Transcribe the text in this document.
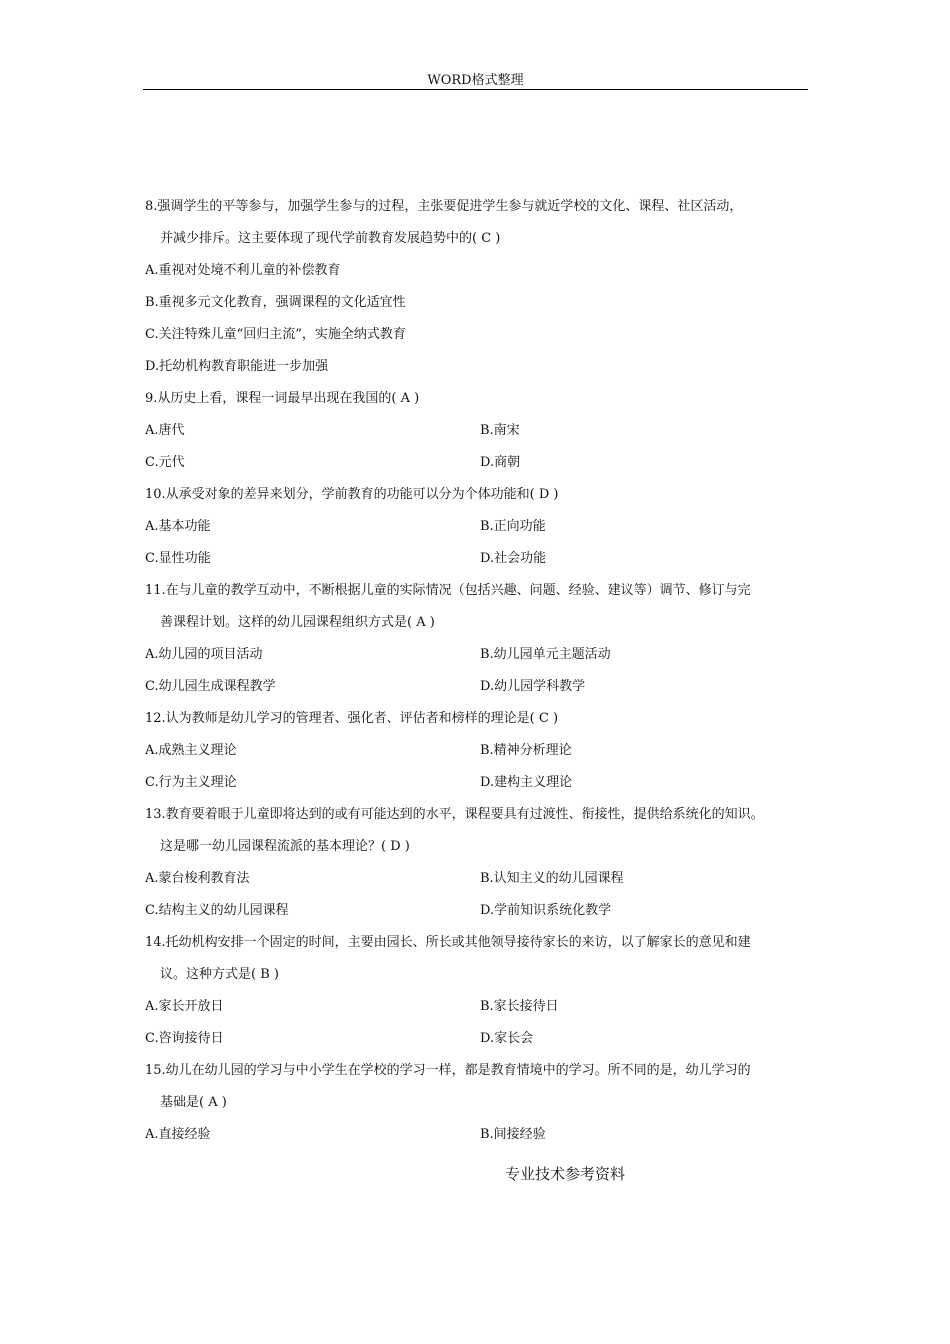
WORD格式整理
8.强调学生的平等参与，加强学生参与的过程，主张要促进学生参与就近学校的文化、课程、社区活动，
并减少排斥。这主要体现了现代学前教育发展趋势中的( C )
A.重视对处境不利儿童的补偿教育
B.重视多元文化教育，强调课程的文化适宜性
C.关注特殊儿童“回归主流”，实施全纳式教育
D.托幼机构教育职能进一步加强
9.从历史上看，课程一词最早出现在我国的( A )
A.唐代	B.南宋
C.元代	D.商朝
10.从承受对象的差异来划分，学前教育的功能可以分为个体功能和( D )
A.基本功能	B.正向功能
C.显性功能	D.社会功能
11.在与儿童的教学互动中，不断根据儿童的实际情况（包括兴趣、问题、经验、建议等）调节、修订与完
善课程计划。这样的幼儿园课程组织方式是( A )
A.幼儿园的项目活动	B.幼儿园单元主题活动
C.幼儿园生成课程教学	D.幼儿园学科教学
12.认为教师是幼儿学习的管理者、强化者、评估者和榜样的理论是( C )
A.成熟主义理论	B.精神分析理论
C.行为主义理论	D.建构主义理论
13.教育要着眼于儿童即将达到的或有可能达到的水平，课程要具有过渡性、衔接性，提供给系统化的知识。
这是哪一幼儿园课程流派的基本理论？( D )
A.蒙台梭利教育法	B.认知主义的幼儿园课程
C.结构主义的幼儿园课程	D.学前知识系统化教学
14.托幼机构安排一个固定的时间，主要由园长、所长或其他领导接待家长的来访，以了解家长的意见和建
议。这种方式是( B )
A.家长开放日	B.家长接待日
C.咨询接待日	D.家长会
15.幼儿在幼儿园的学习与中小学生在学校的学习一样，都是教育情境中的学习。所不同的是，幼儿学习的
基础是( A )
A.直接经验	B.间接经验
专业技术参考资料
